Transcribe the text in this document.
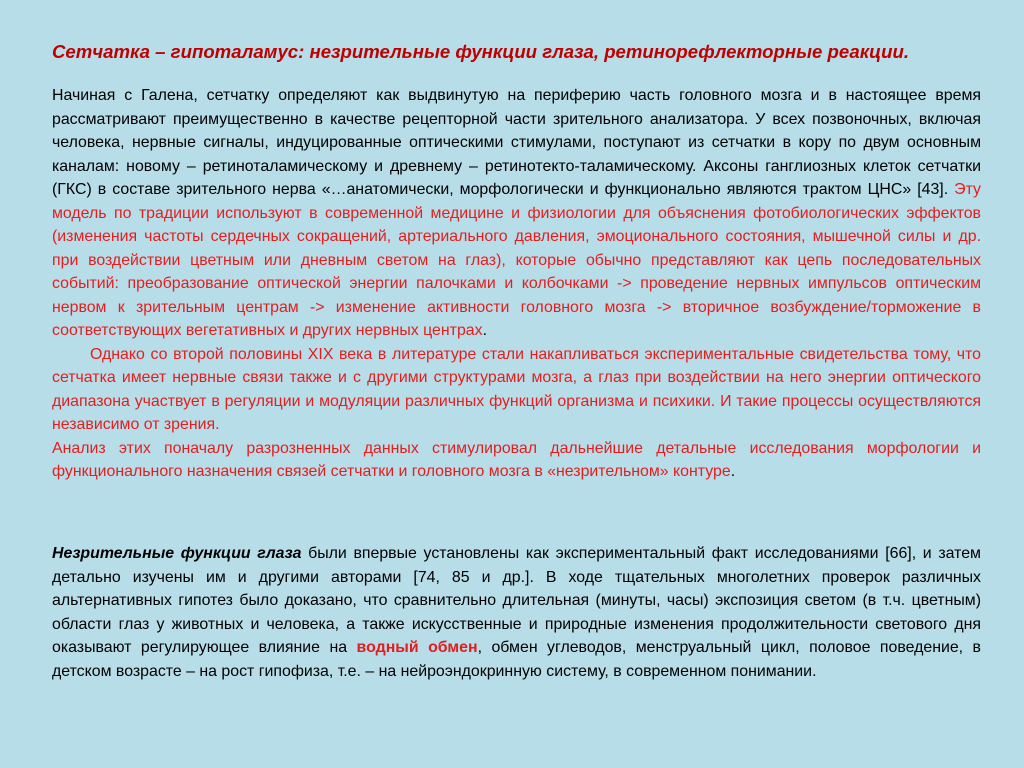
Сетчатка – гипоталамус: незрительные функции глаза, ретинорефлекторные реакции.

Начиная с Галена, сетчатку определяют как выдвинутую на периферию часть головного мозга и в настоящее время рассматривают преимущественно в качестве рецепторной части зрительного анализатора. У всех позвоночных, включая человека, нервные сигналы, индуцированные оптическими стимулами, поступают из сетчатки в кору по двум основным каналам: новому – ретиноталамическому и древнему – ретинотекто-таламическому. Аксоны ганглиозных клеток сетчатки (ГКС) в составе зрительного нерва «…анатомически, морфологически и функционально являются трактом ЦНС» [43]. Эту модель по традиции используют в современной медицине и физиологии для объяснения фотобиологических эффектов (изменения частоты сердечных сокращений, артериального давления, эмоционального состояния, мышечной силы и др. при воздействии цветным или дневным светом на глаз), которые обычно представляют как цепь последовательных событий: преобразование оптической энергии палочками и колбочками -> проведение нервных импульсов оптическим нервом к зрительным центрам -> изменение активности головного мозга -> вторичное возбуждение/торможение в соответствующих вегетативных и других нервных центрах.

Однако со второй половины XIX века в литературе стали накапливаться экспериментальные свидетельства тому, что сетчатка имеет нервные связи также и с другими структурами мозга, а глаз при воздействии на него энергии оптического диапазона участвует в регуляции и модуляции различных функций организма и психики. И такие процессы осуществляются независимо от зрения.

Анализ этих поначалу разрозненных данных стимулировал дальнейшие детальные исследования морфологии и функционального назначения связей сетчатки и головного мозга в «незрительном» контуре.

Незрительные функции глаза были впервые установлены как экспериментальный факт исследованиями [66], и затем детально изучены им и другими авторами [74, 85 и др.]. В ходе тщательных многолетних проверок различных альтернативных гипотез было доказано, что сравнительно длительная (минуты, часы) экспозиция светом (в т.ч. цветным) области глаз у животных и человека, а также искусственные и природные изменения продолжительности светового дня оказывают регулирующее влияние на водный обмен, обмен углеводов, менструальный цикл, половое поведение, в детском возрасте – на рост гипофиза, т.е. – на нейроэндокринную систему, в современном понимании.
